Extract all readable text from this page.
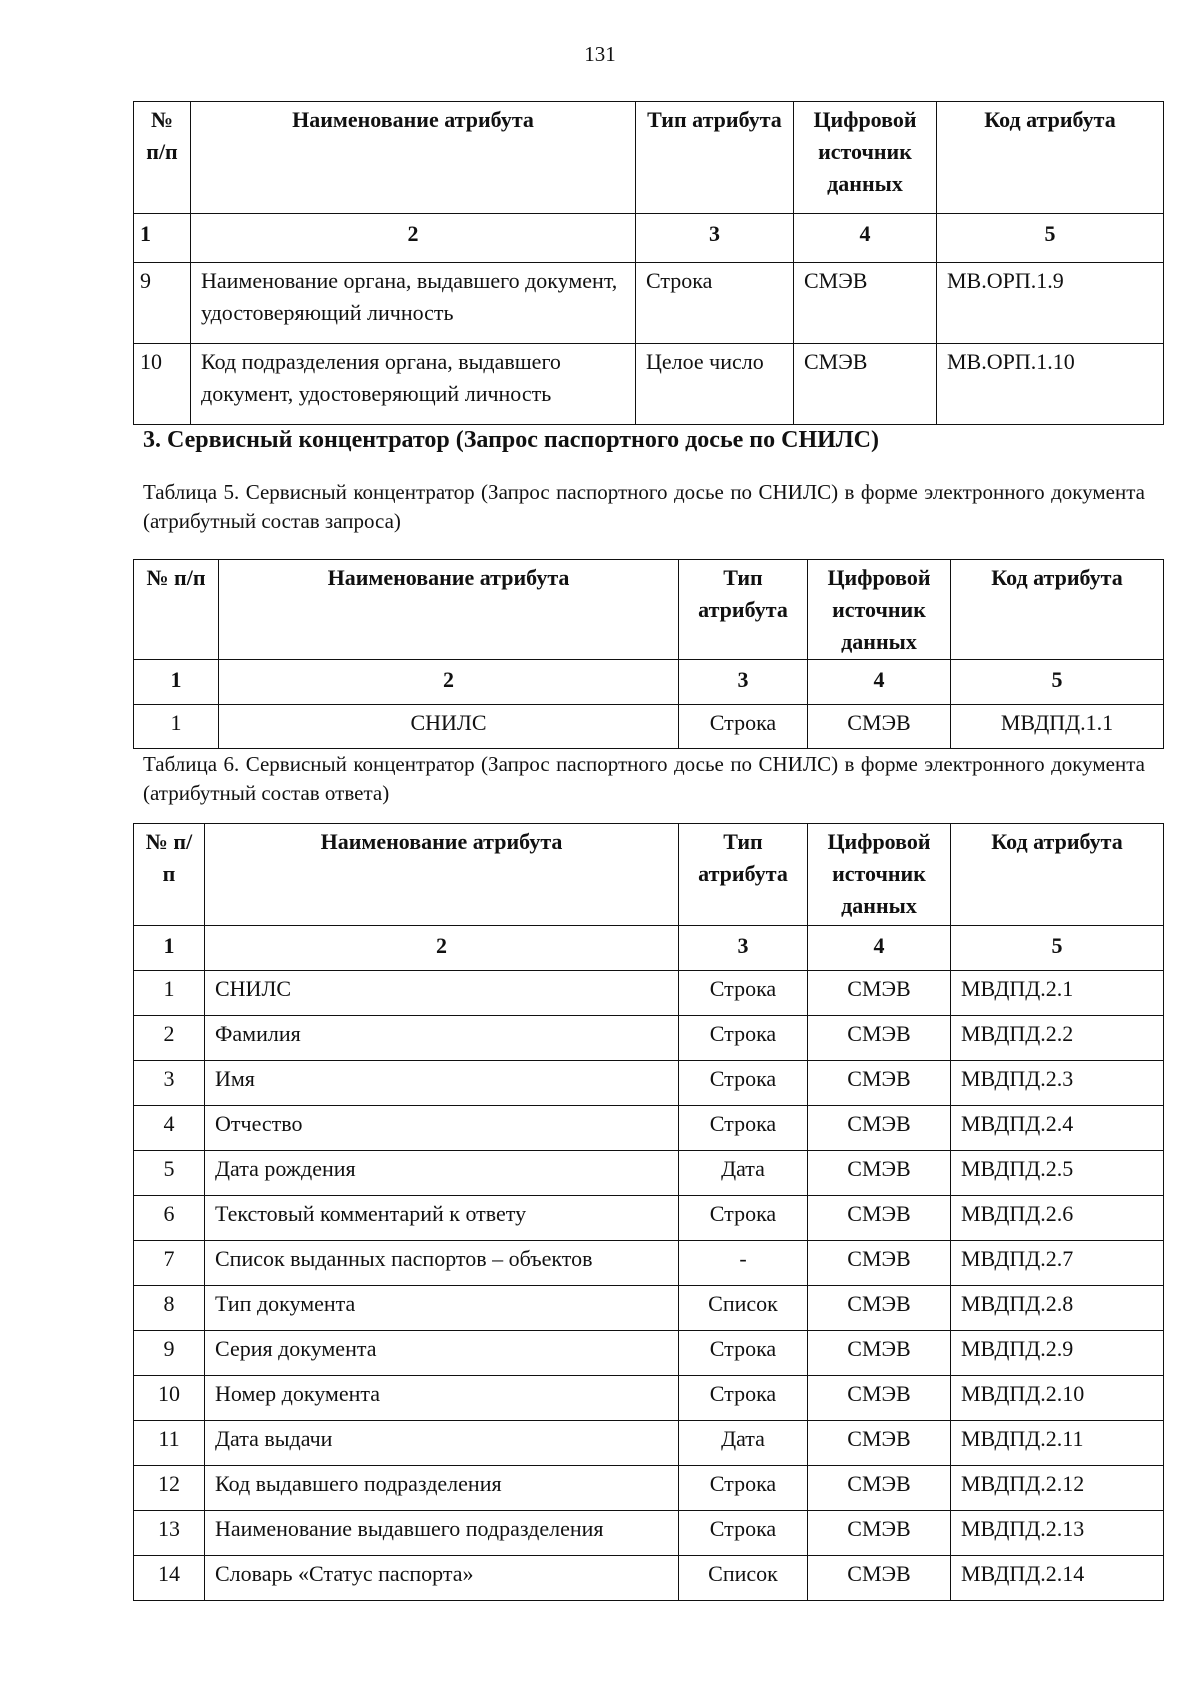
131
№ п/п	Наименование атрибута	Тип атрибута	Цифровой источник данных	Код атрибута
1	2	3	4	5
9	Наименование органа, выдавшего документ, удостоверяющий личность	Строка	СМЭВ	МВ.ОРП.1.9
10	Код подразделения органа, выдавшего документ, удостоверяющий личность	Целое число	СМЭВ	МВ.ОРП.1.10
3. Сервисный концентратор (Запрос паспортного досье по СНИЛС)
Таблица 5. Сервисный концентратор (Запрос паспортного досье по СНИЛС) в форме электронного документа (атрибутный состав запроса)
№ п/п	Наименование атрибута	Тип атрибута	Цифровой источник данных	Код атрибута
1	2	3	4	5
1	СНИЛС	Строка	СМЭВ	МВДПД.1.1
Таблица 6. Сервисный концентратор (Запрос паспортного досье по СНИЛС) в форме электронного документа (атрибутный состав ответа)
№ п/п	Наименование атрибута	Тип атрибута	Цифровой источник данных	Код атрибута
1	2	3	4	5
1	СНИЛС	Строка	СМЭВ	МВДПД.2.1
2	Фамилия	Строка	СМЭВ	МВДПД.2.2
3	Имя	Строка	СМЭВ	МВДПД.2.3
4	Отчество	Строка	СМЭВ	МВДПД.2.4
5	Дата рождения	Дата	СМЭВ	МВДПД.2.5
6	Текстовый комментарий к ответу	Строка	СМЭВ	МВДПД.2.6
7	Список выданных паспортов – объектов	-	СМЭВ	МВДПД.2.7
8	Тип документа	Список	СМЭВ	МВДПД.2.8
9	Серия документа	Строка	СМЭВ	МВДПД.2.9
10	Номер документа	Строка	СМЭВ	МВДПД.2.10
11	Дата выдачи	Дата	СМЭВ	МВДПД.2.11
12	Код выдавшего подразделения	Строка	СМЭВ	МВДПД.2.12
13	Наименование выдавшего подразделения	Строка	СМЭВ	МВДПД.2.13
14	Словарь «Статус паспорта»	Список	СМЭВ	МВДПД.2.14
